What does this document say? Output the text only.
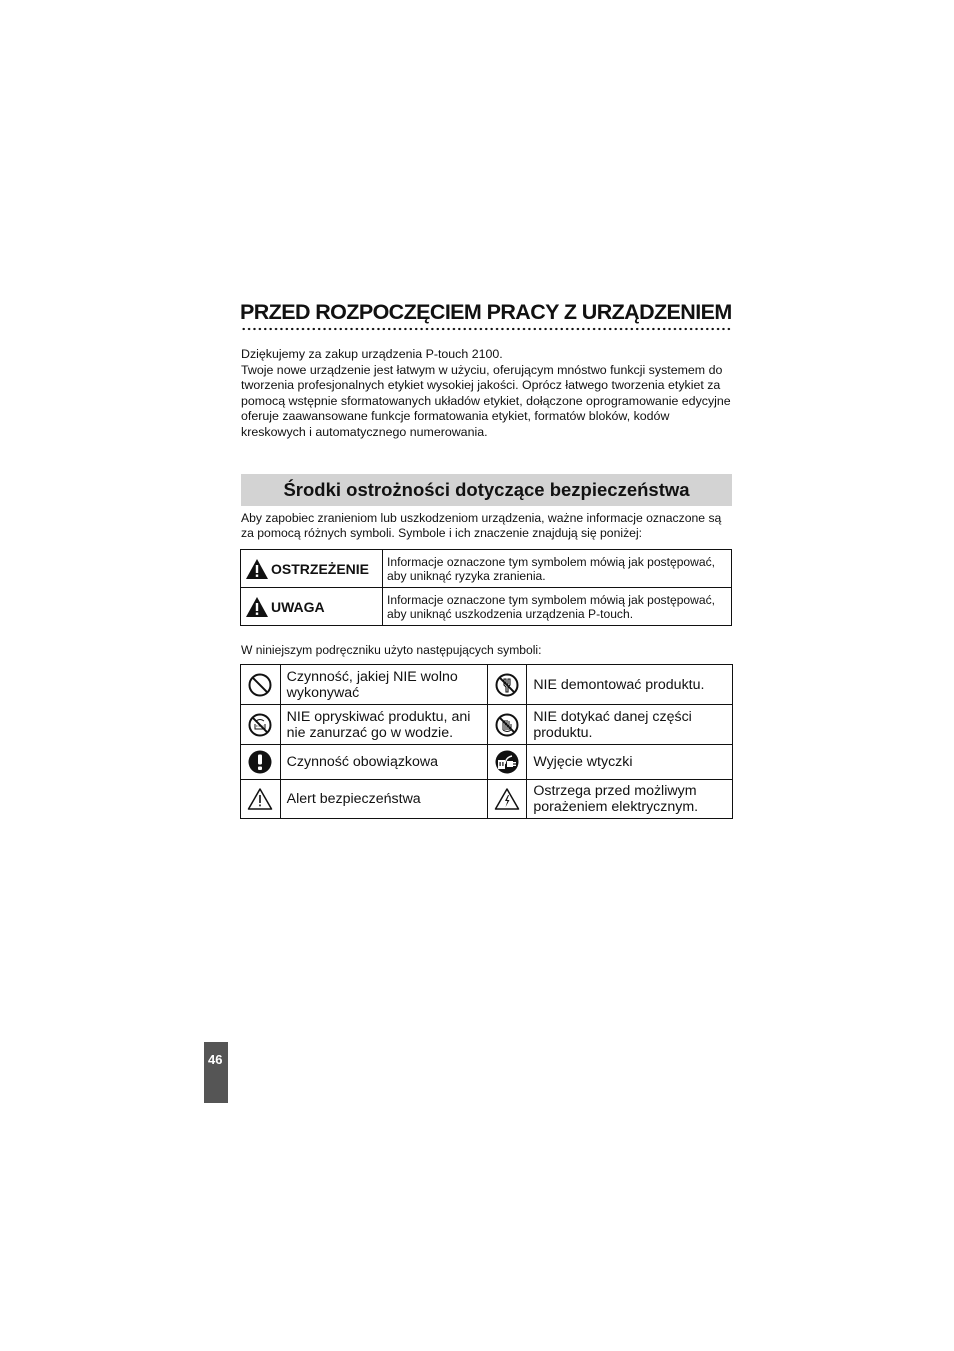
PRZED ROZPOCZĘCIEM PRACY Z URZĄDZENIEM

Dziękujemy za zakup urządzenia P-touch 2100.

Twoje nowe urządzenie jest łatwym w użyciu, oferującym mnóstwo funkcji systemem do tworzenia profesjonalnych etykiet wysokiej jakości. Oprócz łatwego tworzenia etykiet za pomocą wstępnie sformatowanych układów etykiet, dołączone oprogramowanie edycyjne oferuje zaawansowane funkcje formatowania etykiet, formatów bloków, kodów kreskowych i automatycznego numerowania.

Środki ostrożności dotyczące bezpieczeństwa
Aby zapobiec zranieniom lub uszkodzeniom urządzenia, ważne informacje oznaczone są za pomocą różnych symboli. Symbole i ich znaczenie znajdują się poniżej:
OSTRZEŻENIE	Informacje oznaczone tym symbolem mówią jak postępować, aby uniknąć ryzyka zranienia.

UWAGA	Informacje oznaczone tym symbolem mówią jak postępować, aby uniknąć uszkodzenia urządzenia P-touch.
W niniejszym podręczniku użyto następujących symboli:
	Czynność, jakiej NIE wolno wykonywać		NIE demontować produktu.

	NIE opryskiwać produktu, ani nie zanurzać go w wodzie.		NIE dotykać danej części produktu.

	Czynność obowiązkowa		Wyjęcie wtyczki

	Alert bezpieczeństwa		Ostrzega przed możliwym porażeniem elektrycznym.
46
